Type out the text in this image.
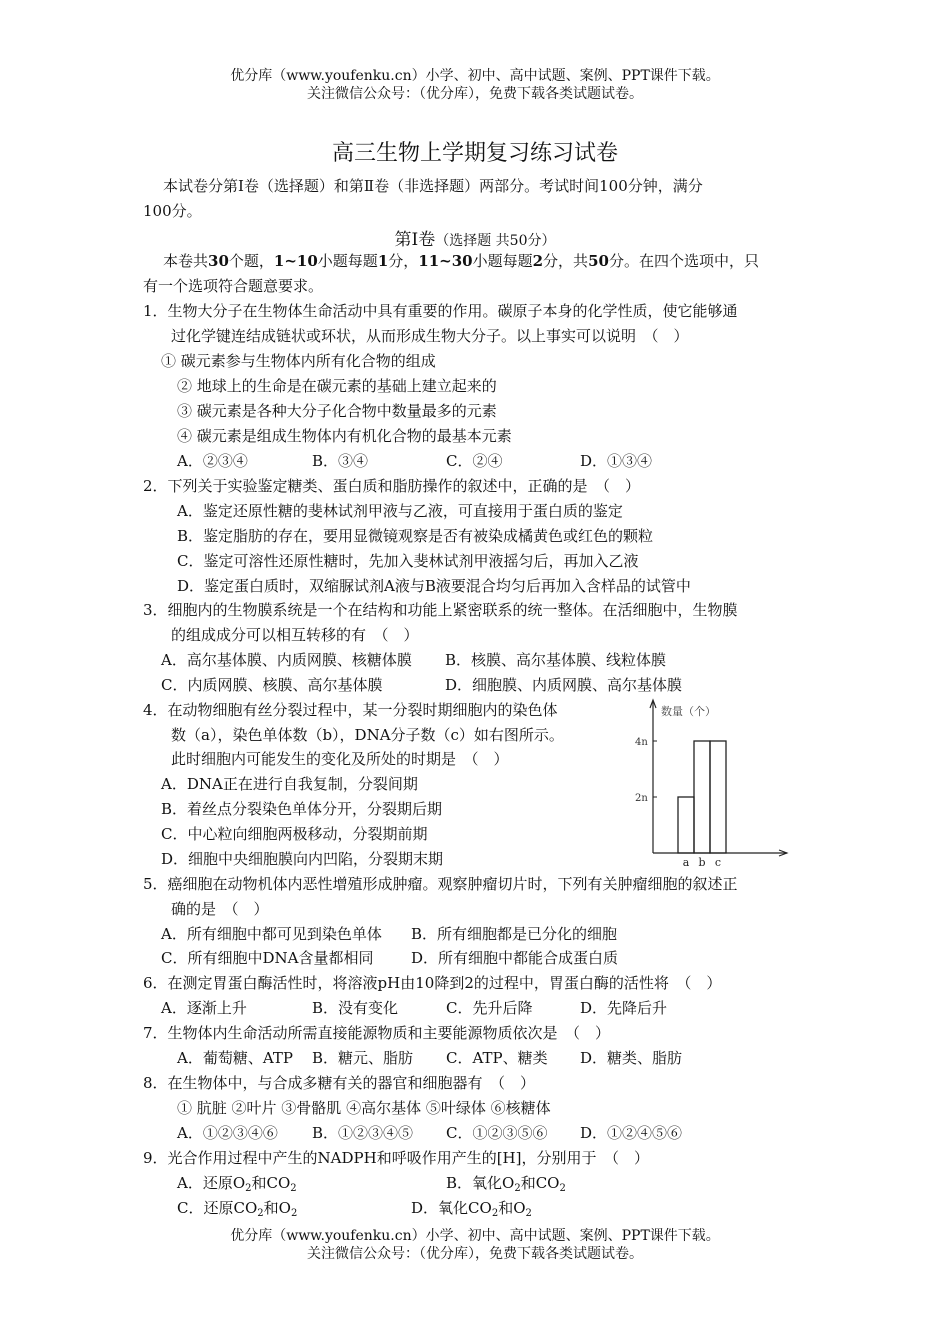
优分库（www.youfenku.cn）小学、初中、高中试题、案例、PPT课件下载。
关注微信公众号：（优分库），免费下载各类试题试卷。
高三生物上学期复习练习试卷
本试卷分第Ⅰ卷（选择题）和第Ⅱ卷（非选择题）两部分。考试时间100分钟，满分
100分。
第Ⅰ卷（选择题 共50分）
本卷共30个题，1~10小题每题1分，11~30小题每题2分，共50分。在四个选项中，只
有一个选项符合题意要求。
1．生物大分子在生物体生命活动中具有重要的作用。碳原子本身的化学性质，使它能够通
过化学键连结成链状或环状，从而形成生物大分子。以上事实可以说明　（　）
① 碳元素参与生物体内所有化合物的组成
② 地球上的生命是在碳元素的基础上建立起来的
③ 碳元素是各种大分子化合物中数量最多的元素
④ 碳元素是组成生物体内有机化合物的最基本元素
A．②③④	B．③④	C．②④	D．①③④
2．下列关于实验鉴定糖类、蛋白质和脂肪操作的叙述中，正确的是　（　）
A．鉴定还原性糖的斐林试剂甲液与乙液，可直接用于蛋白质的鉴定
B．鉴定脂肪的存在，要用显微镜观察是否有被染成橘黄色或红色的颗粒
C．鉴定可溶性还原性糖时，先加入斐林试剂甲液摇匀后，再加入乙液
D．鉴定蛋白质时，双缩脲试剂A液与B液要混合均匀后再加入含样品的试管中
3．细胞内的生物膜系统是一个在结构和功能上紧密联系的统一整体。在活细胞中，生物膜
的组成成分可以相互转移的有　（　）
A．高尔基体膜、内质网膜、核糖体膜 B．核膜、高尔基体膜、线粒体膜
C．内质网膜、核膜、高尔基体膜	D．细胞膜、内质网膜、高尔基体膜
4．在动物细胞有丝分裂过程中，某一分裂时期细胞内的染色体
数（a），染色单体数（b），DNA分子数（c）如右图所示。
此时细胞内可能发生的变化及所处的时期是　（　）
A．DNA正在进行自我复制，分裂间期
B．着丝点分裂染色单体分开，分裂期后期
C．中心粒向细胞两极移动，分裂期前期
D．细胞中央细胞膜向内凹陷，分裂期末期
数量（个）
2n
4n
a b c
5．癌细胞在动物机体内恶性增殖形成肿瘤。观察肿瘤切片时，下列有关肿瘤细胞的叙述正
确的是　（　）
A．所有细胞中都可见到染色单体 B．所有细胞都是已分化的细胞
C．所有细胞中DNA含量都相同	D．所有细胞中都能合成蛋白质
6．在测定胃蛋白酶活性时，将溶液pH由10降到2的过程中，胃蛋白酶的活性将　（　）
A．逐渐上升	B．没有变化	C．先升后降	D．先降后升
7．生物体内生命活动所需直接能源物质和主要能源物质依次是　（　）
A．葡萄糖、ATP B．糖元、脂肪 C．ATP、糖类 D．糖类、脂肪
8．在生物体中，与合成多糖有关的器官和细胞器有　（　）
① 肮脏 ②叶片 ③骨骼肌 ④高尔基体 ⑤叶绿体 ⑥核糖体
A．①②③④⑥ B．①②③④⑤ C．①②③⑤⑥ D．①②④⑤⑥
9．光合作用过程中产生的NADPH和呼吸作用产生的[H]，分别用于　（　）
A．还原$O_2$和$CO_2$	B．氧化$O_2$和$CO_2$
C．还原$CO_2$和$O_2$	D．氧化$CO_2$和$O_2$
优分库（www.youfenku.cn）小学、初中、高中试题、案例、PPT课件下载。
关注微信公众号：（优分库），免费下载各类试题试卷。
